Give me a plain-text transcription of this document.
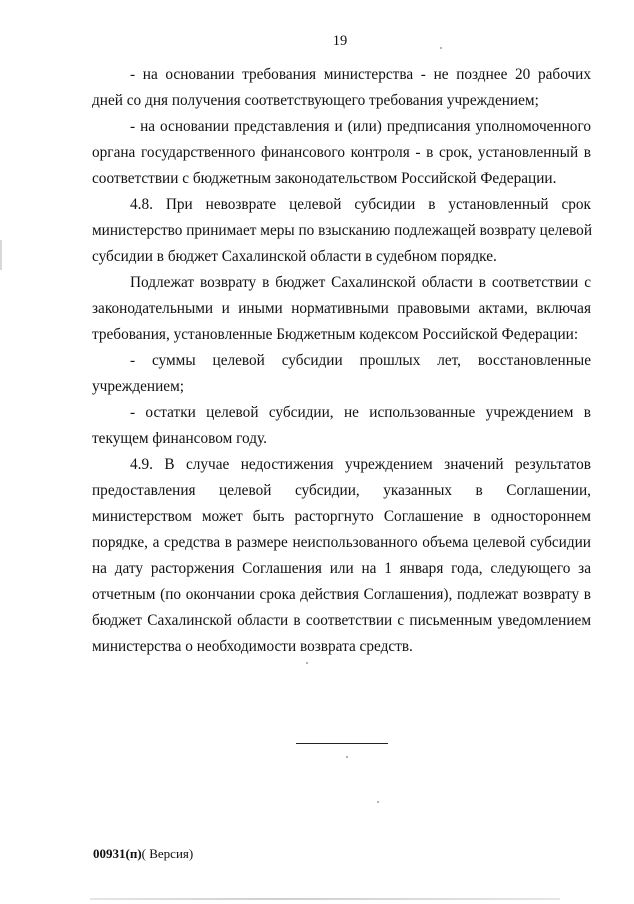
19
- на основании требования министерства - не позднее 20 рабочих
дней со дня получения соответствующего требования учреждением;
- на основании представления и (или) предписания уполномоченного
органа государственного финансового контроля - в срок, установленный в
соответствии с бюджетным законодательством Российской Федерации.
4.8. При невозврате целевой субсидии в установленный срок
министерство принимает меры по взысканию подлежащей возврату целевой
субсидии в бюджет Сахалинской области в судебном порядке.
Подлежат возврату в бюджет Сахалинской области в соответствии с
законодательными и иными нормативными правовыми актами, включая
требования, установленные Бюджетным кодексом Российской Федерации:
- суммы целевой субсидии прошлых лет, восстановленные
учреждением;
- остатки целевой субсидии, не использованные учреждением в
текущем финансовом году.
4.9. В случае недостижения учреждением значений результатов
предоставления целевой субсидии, указанных в Соглашении,
министерством может быть расторгнуто Соглашение в одностороннем
порядке, а средства в размере неиспользованного объема целевой субсидии
на дату расторжения Соглашения или на 1 января года, следующего за
отчетным (по окончании срока действия Соглашения), подлежат возврату в
бюджет Сахалинской области в соответствии с письменным уведомлением
министерства о необходимости возврата средств.
00931(п)( Версия)
